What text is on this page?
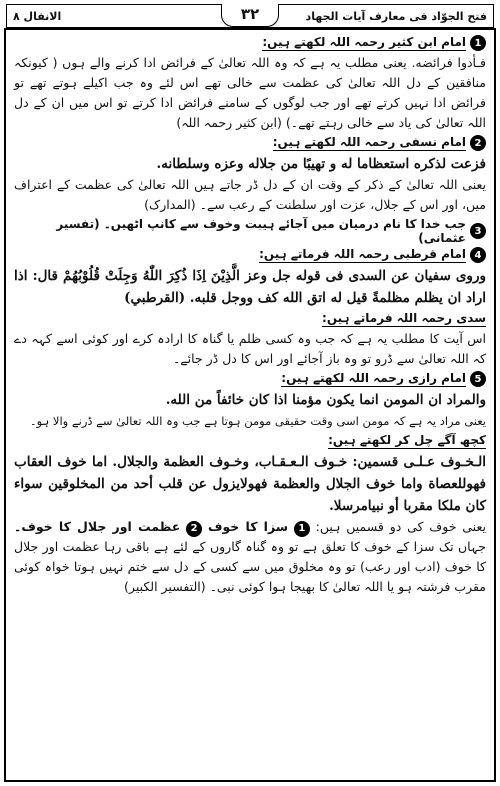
فتح الجوّاد فی معارف آیات الجهاد
۳۲
الانفال ۸
1
امام ابن کثیر رحمہ اللہ لکھتے ہیں:

فـأدوا فرائضه. یعنی مطلب یہ ہے کہ وہ اللہ تعالیٰ کے فرائض ادا کرنے والے ہوں ( کیونکہ منافقین کے دل اللہ تعالیٰ کی عظمت سے خالی تھے اس لئے وہ جب اکیلے ہوتے تھے تو فرائض ادا نہیں کرتے تھے اور جب لوگوں کے سامنے فرائض ادا کرتے تو اس میں ان کے دل اللہ تعالیٰ کی یاد سے خالی رہتے تھے۔) (ابن کثیر رحمہ اللہ)

2
امام نسفی رحمہ اللہ لکھتے ہیں:

فزعت لذكره استعظاما له و تهيبًا من جلاله وعزه وسلطانه.

یعنی اللہ تعالیٰ کے ذکر کے وقت ان کے دل ڈر جاتے ہیں اللہ تعالیٰ کی عظمت کے اعتراف میں، اور اس کے جلال، عزت اور سلطنت کے رعب سے۔ (المدارک)

3
جب خدا کا نام درمیان میں آجائے ہیبت وخوف سے کانپ اٹھیں۔ (تفسیر عثمانی)
4
امام قرطبی رحمہ اللہ فرماتے ہیں:

وروى سفيان عن السدى فى قوله جل وعز الَّذِيْنَ اِذَا ذُكِرَ اللّٰهُ وَجِلَتْ قُلُوْبُهُمْ قال: اذا اراد ان يظلم مظلمةً قيل له اتق الله كف ووجل قلبه. (القرطبي)

سدی رحمہ اللہ فرماتے ہیں:

اس آیت کا مطلب یہ ہے کہ جب وہ کسی ظلم یا گناہ کا ارادہ کرے اور کوئی اسے کہہ دے کہ اللہ تعالیٰ سے ڈرو تو وہ باز آجائے اور اس کا دل ڈر جائے۔

5
امام رازی رحمہ اللہ لکھتے ہیں:

والمراد ان المومن انما يكون مؤمنا اذا كان خائفاً من الله.

یعنی مراد یہ ہے کہ مومن اسی وقت حقیقی مومن ہوتا ہے جب وہ اللہ تعالیٰ سے ڈرنے والا ہو۔

کچھ آگے چل کر لکھتے ہیں:

الـخـوف عـلـى قسمين: خـوف الـعـقـاب، وخـوف العظمة والجلال. اما خوف العقاب فهوللعصاة واما خوف الجلال والعظمة فهولايزول عن قلب أحد من المخلوقين سواء كان ملكا مقربا أو نبيامرسلا.

یعنی خوف کی دو قسمیں ہیں: 1 سزا کا خوف 2 عظمت اور جلال کا خوف۔ جہاں تک سزا کے خوف کا تعلق ہے تو وہ گناہ گاروں کے لئے ہے باقی رہا عظمت اور جلال کا خوف (ادب اور رعب) تو وہ مخلوق میں سے کسی کے دل سے ختم نہیں ہوتا خواہ کوئی مقرب فرشتہ ہو یا اللہ تعالیٰ کا بھیجا ہوا کوئی نبی۔ (التفسیر الکبیر)
